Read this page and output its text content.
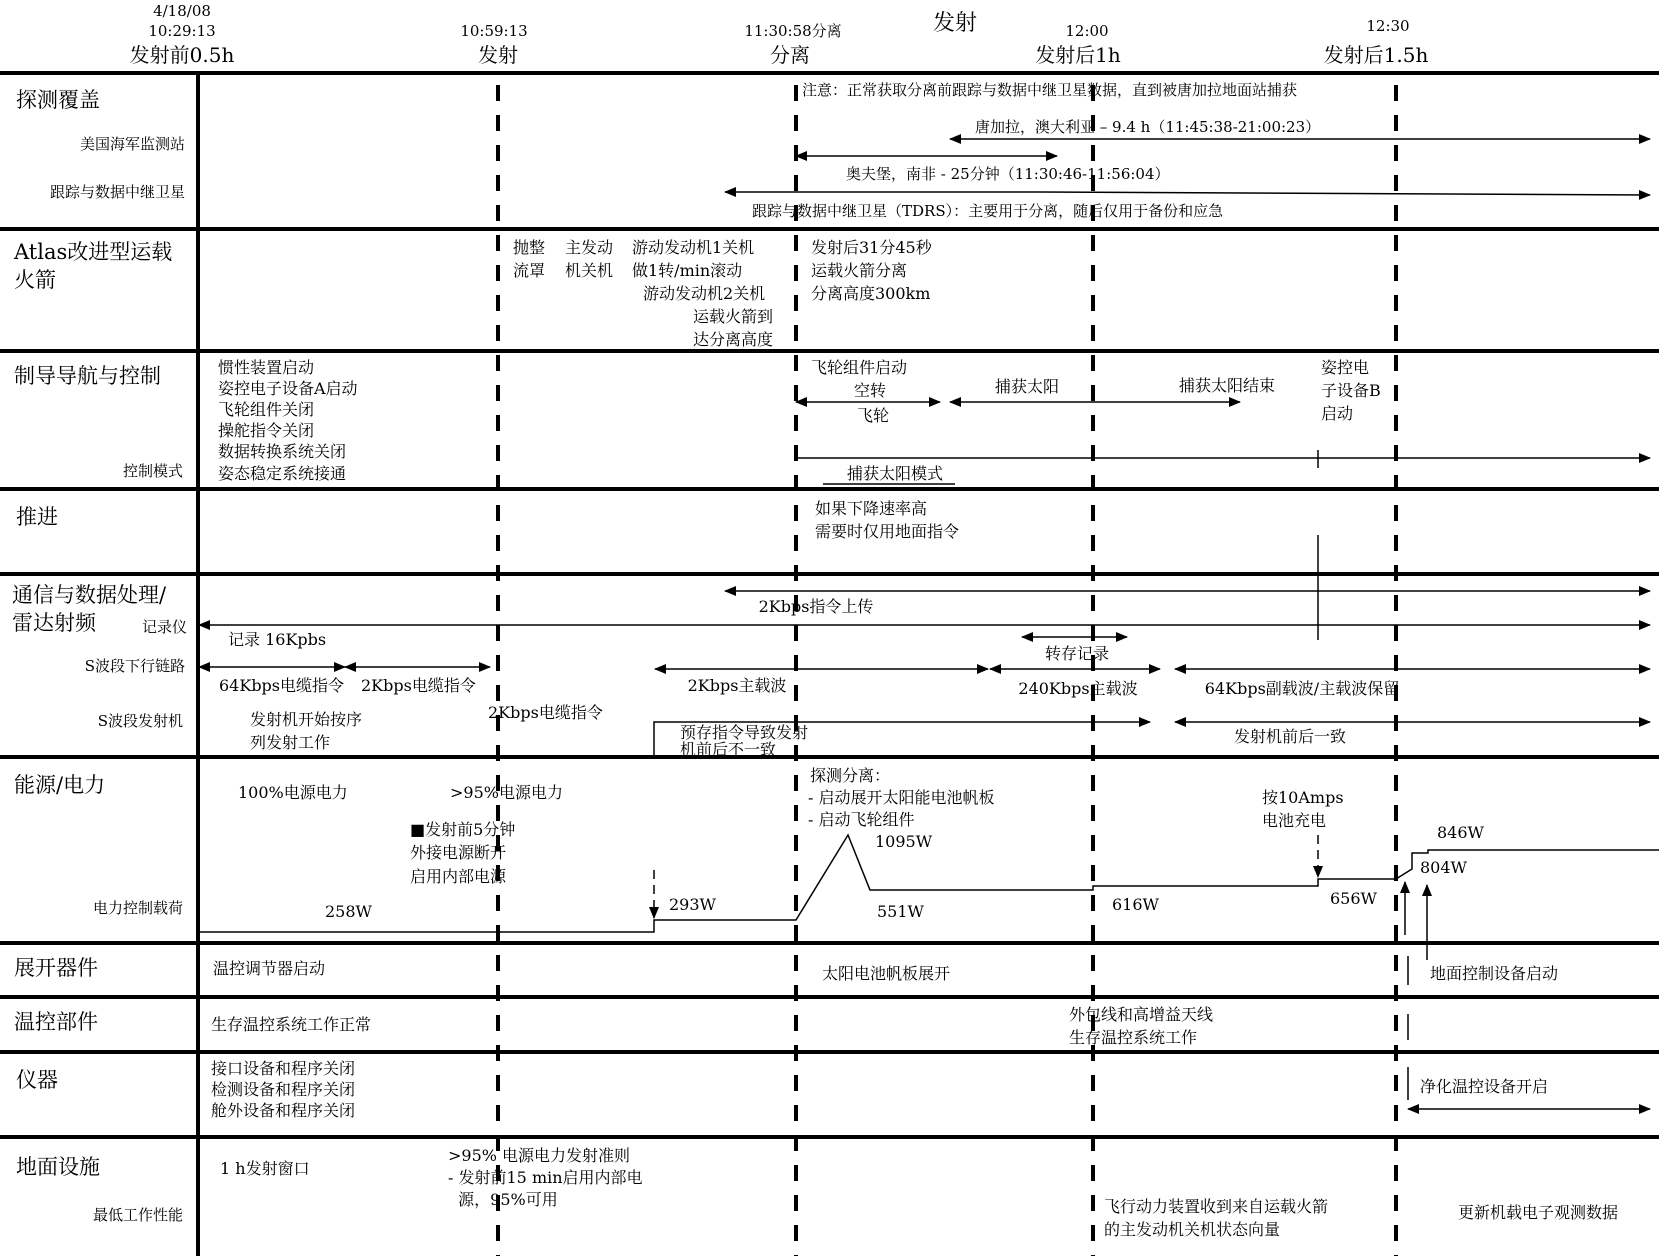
发射
4/18/08
10:29:13	10:59:13	11:30:58分离	12:00	12:30
发射前0.5h	发射	分离	发射后1h	发射后1.5h
探测覆盖
美国海军监测站
跟踪与数据中继卫星
注意：正常获取分离前跟踪与数据中继卫星数据，直到被唐加拉地面站捕获
唐加拉，澳大利亚 – 9.4 h（11:45:38-21:00:23）
奥夫堡，南非 - 25分钟（11:30:46-11:56:04）
跟踪与数据中继卫星（TDRS）：主要用于分离，随后仅用于备份和应急
Atlas改进型运载
火箭
抛整
流罩
主发动
机关机
游动发动机1关机
做1转/min滚动
游动发动机2关机
运载火箭到
达分离高度
发射后31分45秒
运载火箭分离
分离高度300km
制导导航与控制
控制模式
惯性装置启动
姿控电子设备A启动
飞轮组件关闭
操舵指令关闭
数据转换系统关闭
姿态稳定系统接通
飞轮组件启动
空转
飞轮
捕获太阳	捕获太阳结束
姿控电
子设备B
启动
捕获太阳模式
推进	如果下降速率高
需要时仅用地面指令
通信与数据处理/
雷达射频	记录仪
S波段下行链路
S波段发射机
2Kbps指令上传
记录 16Kpbs
转存记录
64Kbps电缆指令 2Kbps电缆指令
2Kbps电缆指令
2Kbps主载波	240Kbps主载波	64Kbps副载波/主载波保留
发射机开始按序
列发射工作
预存指令导致发射
机前后不一致
发射机前后一致
能源/电力
电力控制载荷
100%电源电力	>95%电源电力
■发射前5分钟
外接电源断开
启用内部电源
探测分离：
- 启动展开太阳能电池帆板
- 启动飞轮组件
按10Amps
电池充电
258W	293W
1095W
551W	616W	656W
804W
846W
展开器件	温控调节器启动	太阳电池帆板展开	地面控制设备启动
温控部件	生存温控系统工作正常
外包线和高增益天线
生存温控系统工作
仪器	接口设备和程序关闭
检测设备和程序关闭
舱外设备和程序关闭
净化温控设备开启
地面设施
最低工作性能
1 h发射窗口
>95% 电源电力发射准则
- 发射前15 min启用内部电
源，95%可用	飞行动力装置收到来自运载火箭
的主发动机关机状态向量
更新机载电子观测数据
